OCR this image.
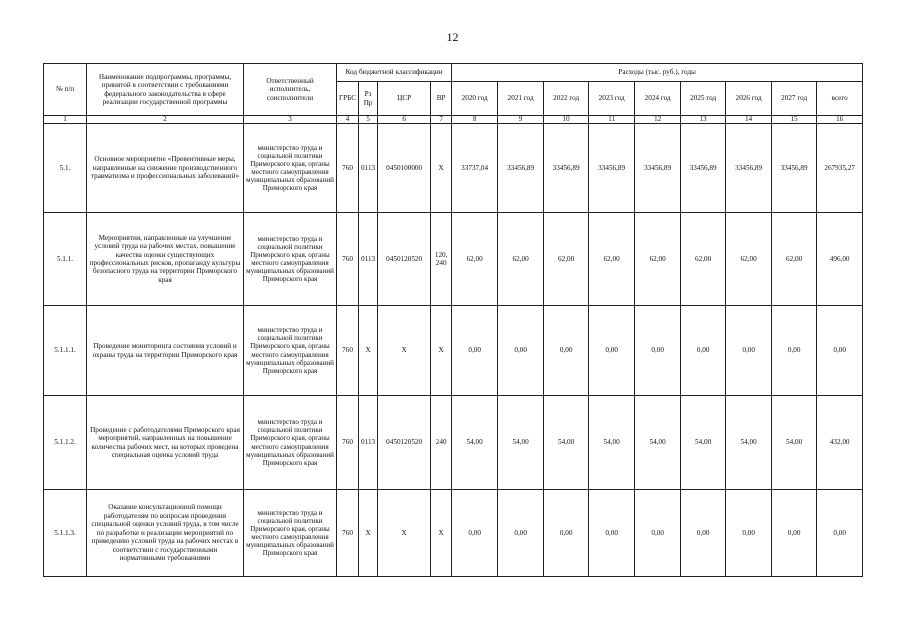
12
№ п/п	Наименование подпрограммы, программы, принятой в соответствии с требованиями федерального законодательства в сфере реализации государственной программы	Ответственный исполнитель, соисполнители	Код бюджетной классификации				Расходы (тыс. руб.), годы								
			ГРБС	Рз Пр	ЦСР	ВР	2020 год	2021 год	2022 год	2023 год	2024 год	2025 год	2026 год	2027 год	всего
1	2	3	4	5	6	7	8	9	10	11	12	13	14	15	16
5.1.	Основное мероприятие «Превентивные меры, направленные на снижение производственного травматизма и профессиональных заболеваний»	министерство труда и социальной политики Приморского края, органы местного самоуправления муниципальных образований Приморского края	760	0113	0450100000	X	33737,04	33456,89	33456,89	33456,89	33456,89	33456,89	33456,89	33456,89	267935,27
5.1.1.	Мероприятия, направленные на улучшение условий труда на рабочих местах, повышение качества оценки существующих профессиональных рисков, пропаганду культуры безопасного труда на территории Приморского края	министерство труда и социальной политики Приморского края, органы местного самоуправления муниципальных образований Приморского края	760	0113	0450120520	120, 240	62,00	62,00	62,00	62,00	62,00	62,00	62,00	62,00	496,00
5.1.1.1.	Проведение мониторинга состояния условий и охраны труда на территории Приморского края	министерство труда и социальной политики Приморского края, органы местного самоуправления муниципальных образований Приморского края	760	X	X	X	0,00	0,00	0,00	0,00	0,00	0,00	0,00	0,00	0,00
5.1.1.2.	Проведение с работодателями Приморского края мероприятий, направленных на повышение количества рабочих мест, на которых проведена специальная оценка условий труда	министерство труда и социальной политики Приморского края, органы местного самоуправления муниципальных образований Приморского края	760	0113	0450120520	240	54,00	54,00	54,00	54,00	54,00	54,00	54,00	54,00	432,00
5.1.1.3.	Оказание консультационной помощи работодателям по вопросам проведения специальной оценки условий труда, в том числе по разработке и реализации мероприятий по приведению условий труда на рабочих местах в соответствии с государственными нормативными требованиями	министерство труда и социальной политики Приморского края, органы местного самоуправления муниципальных образований Приморского края	760	X	X	X	0,00	0,00	0,00	0,00	0,00	0,00	0,00	0,00	0,00
